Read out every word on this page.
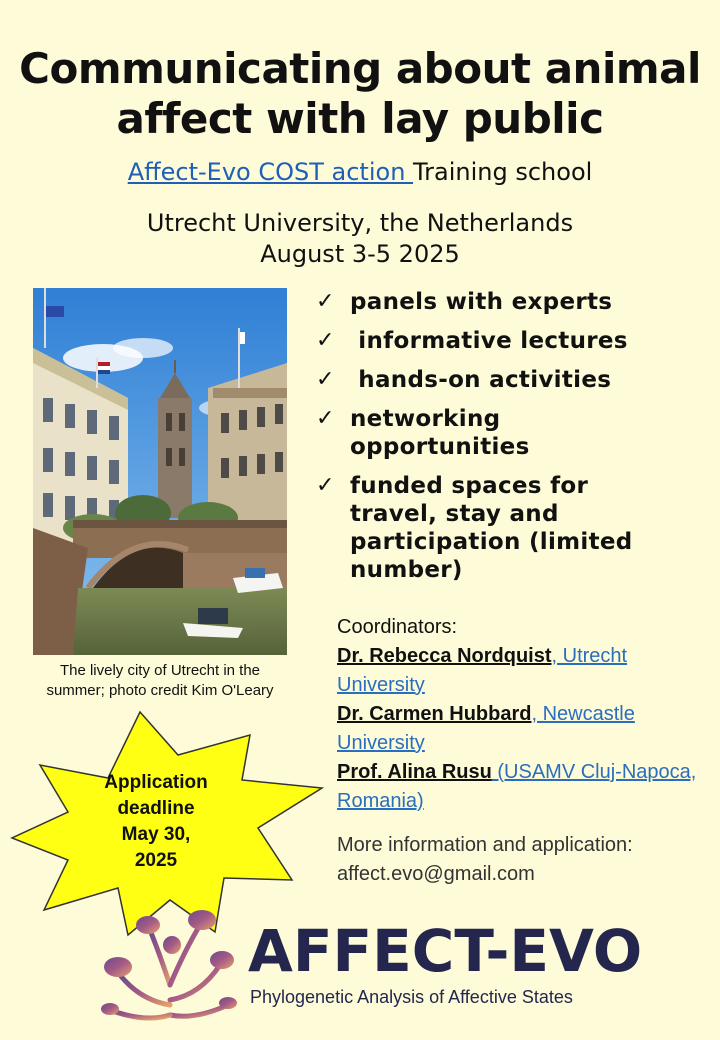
Communicating about animal
affect with lay public
Affect-Evo COST action Training school
Utrecht University, the Netherlands
August 3-5 2025
The lively city of Utrecht in the
summer; photo credit Kim O'Leary
✓ panels with experts
✓ informative lectures
✓ hands-on activities
✓ networking opportunities
✓ funded spaces for travel, stay and participation (limited number)
Coordinators:
Dr. Rebecca Nordquist, Utrecht University
Dr. Carmen Hubbard, Newcastle University
Prof. Alina Rusu (USAMV Cluj-Napoca, Romania)
More information and application:
affect.evo@gmail.com
Application
deadline
May 30,
2025
AFFECT-EVO
Phylogenetic Analysis of Affective States
